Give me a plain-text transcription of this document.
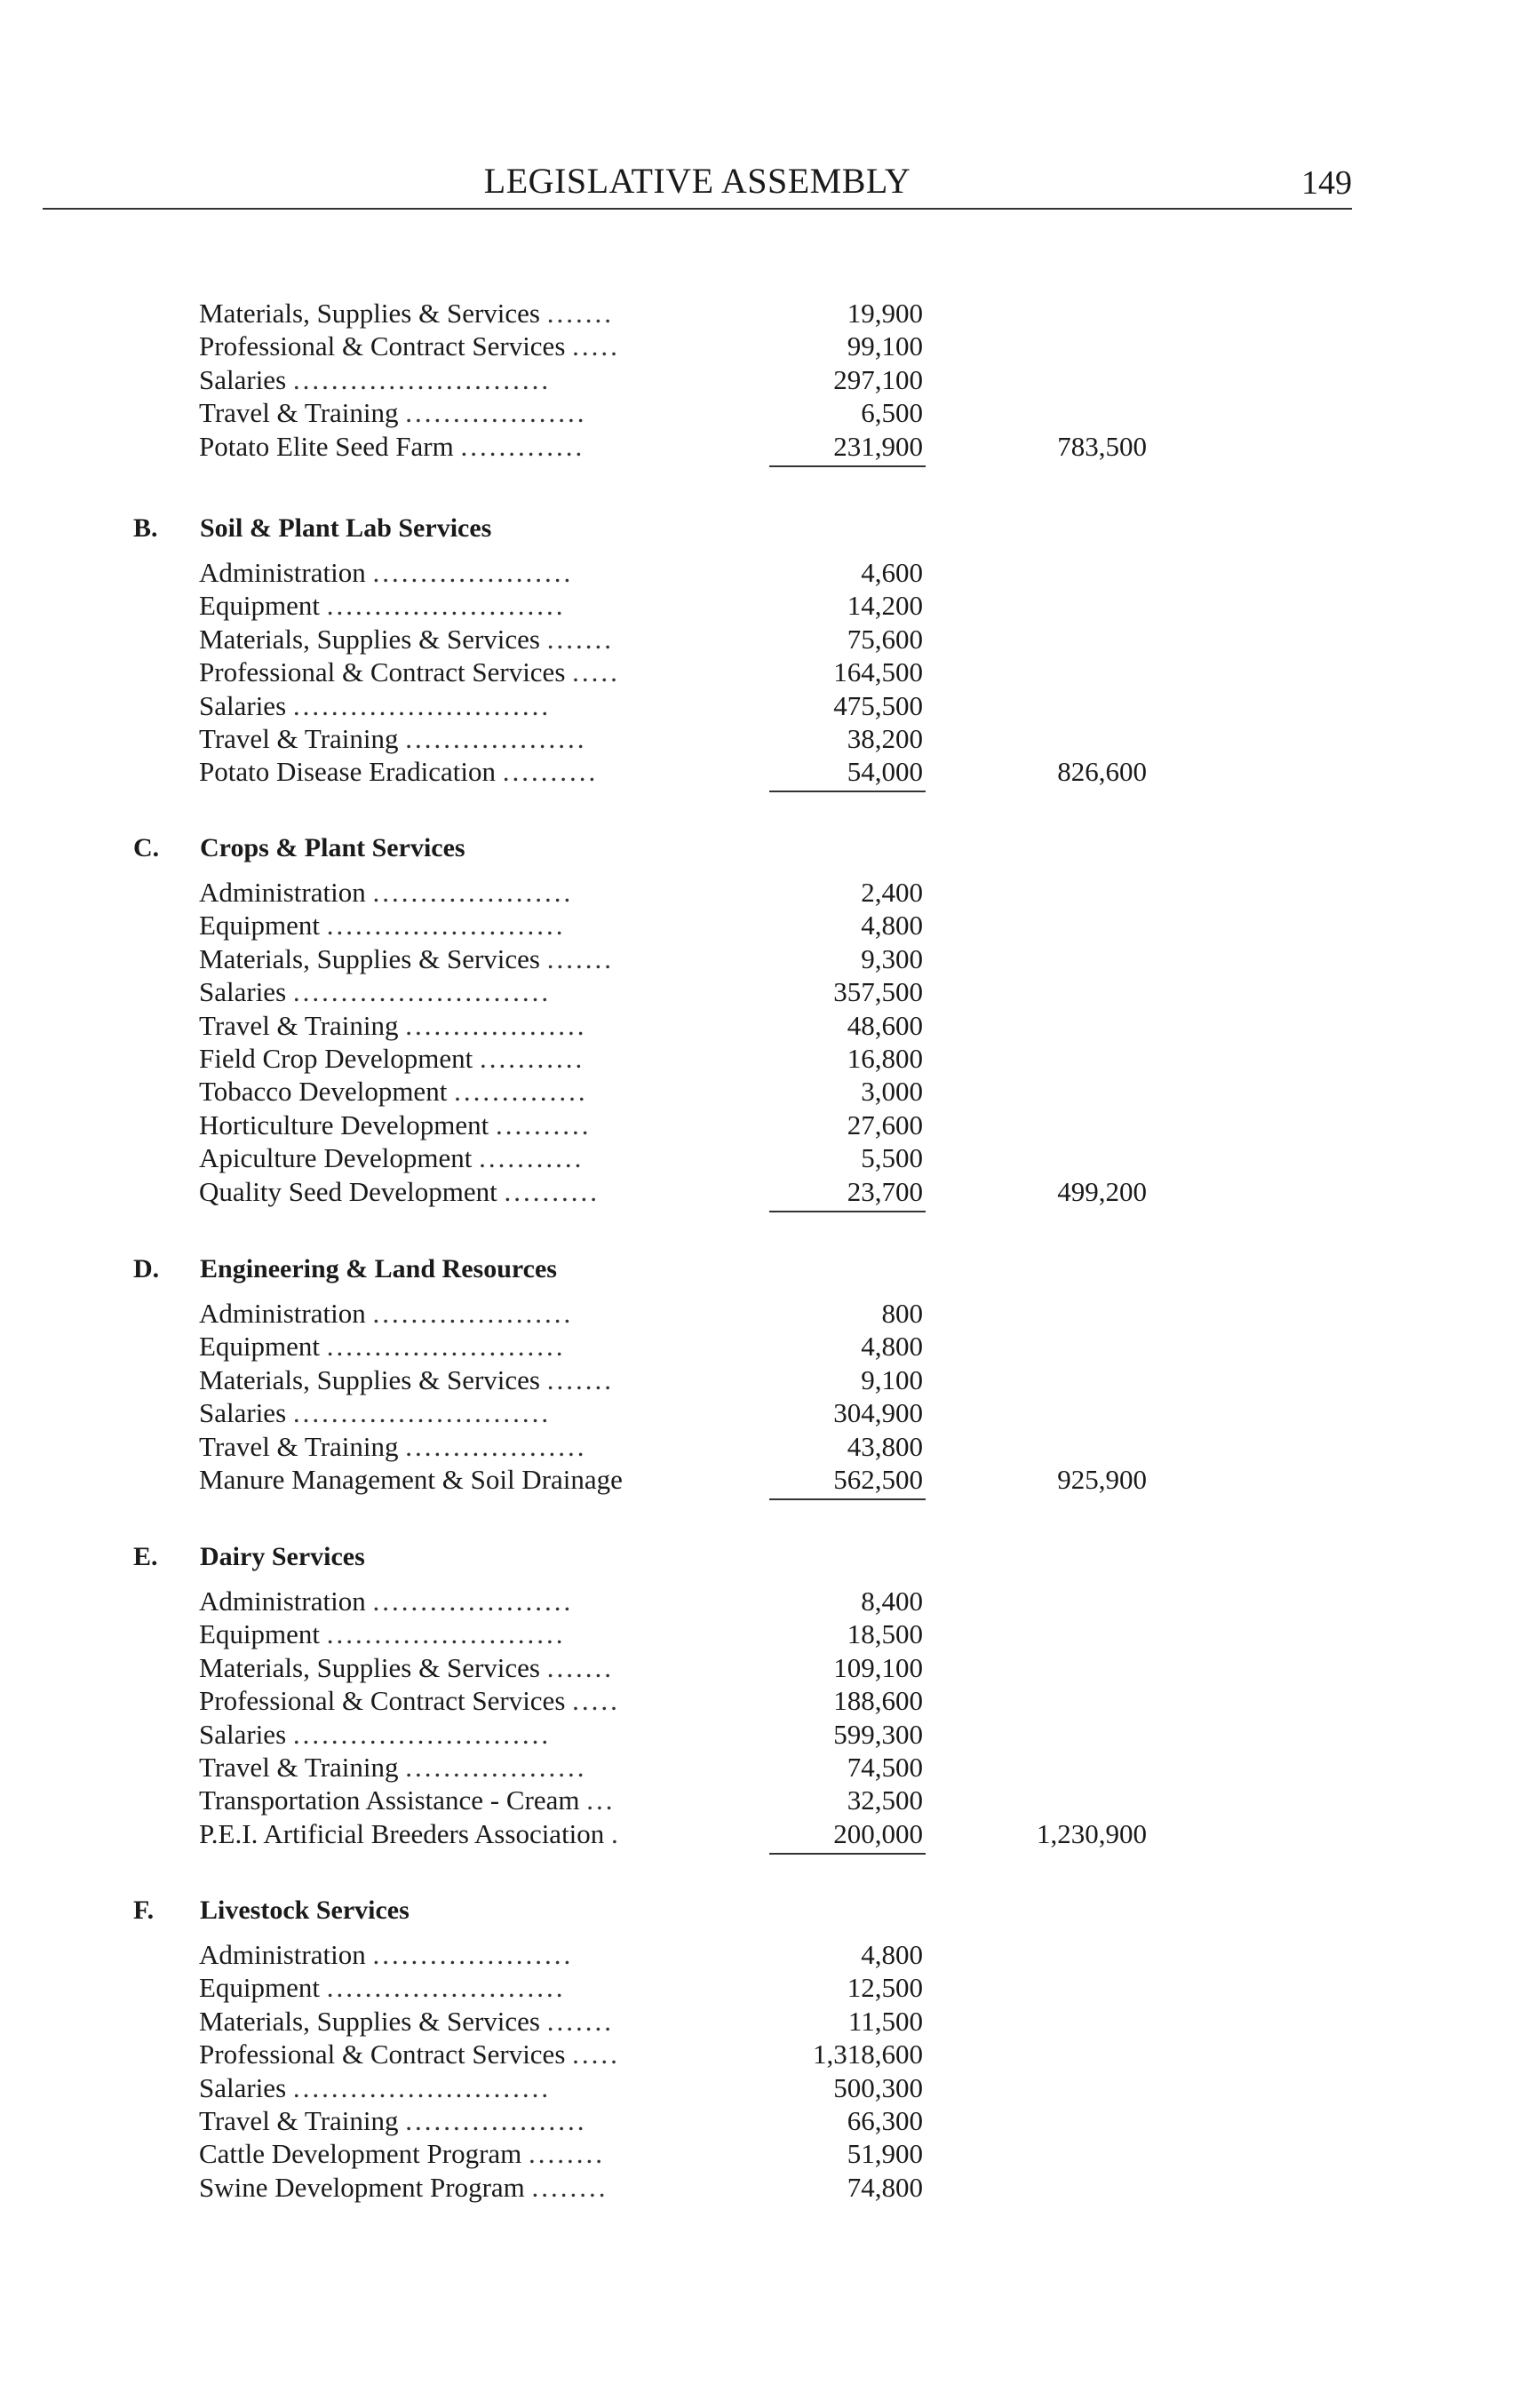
LEGISLATIVE ASSEMBLY	149
Materials, Supplies & Services .......	19,900
Professional & Contract Services .....	99,100
Salaries ...........................	297,100
Travel & Training ...................	6,500
Potato Elite Seed Farm .............	231,900	783,500
B. Soil & Plant Lab Services
Administration .....................	4,600
Equipment .........................	14,200
Materials, Supplies & Services .......	75,600
Professional & Contract Services .....	164,500
Salaries ...........................	475,500
Travel & Training ...................	38,200
Potato Disease Eradication ..........	54,000	826,600
C. Crops & Plant Services
Administration .....................	2,400
Equipment .........................	4,800
Materials, Supplies & Services .......	9,300
Salaries ...........................	357,500
Travel & Training ...................	48,600
Field Crop Development ...........	16,800
Tobacco Development ..............	3,000
Horticulture Development ..........	27,600
Apiculture Development ...........	5,500
Quality Seed Development ..........	23,700	499,200
D. Engineering & Land Resources
Administration .....................	800
Equipment .........................	4,800
Materials, Supplies & Services .......	9,100
Salaries ...........................	304,900
Travel & Training ...................	43,800
Manure Management & Soil Drainage	562,500	925,900
E. Dairy Services
Administration .....................	8,400
Equipment .........................	18,500
Materials, Supplies & Services .......	109,100
Professional & Contract Services .....	188,600
Salaries ...........................	599,300
Travel & Training ...................	74,500
Transportation Assistance - Cream ...	32,500
P.E.I. Artificial Breeders Association .	200,000	1,230,900
F. Livestock Services
Administration .....................	4,800
Equipment .........................	12,500
Materials, Supplies & Services .......	11,500
Professional & Contract Services .....	1,318,600
Salaries ...........................	500,300
Travel & Training ...................	66,300
Cattle Development Program ........	51,900
Swine Development Program ........	74,800
